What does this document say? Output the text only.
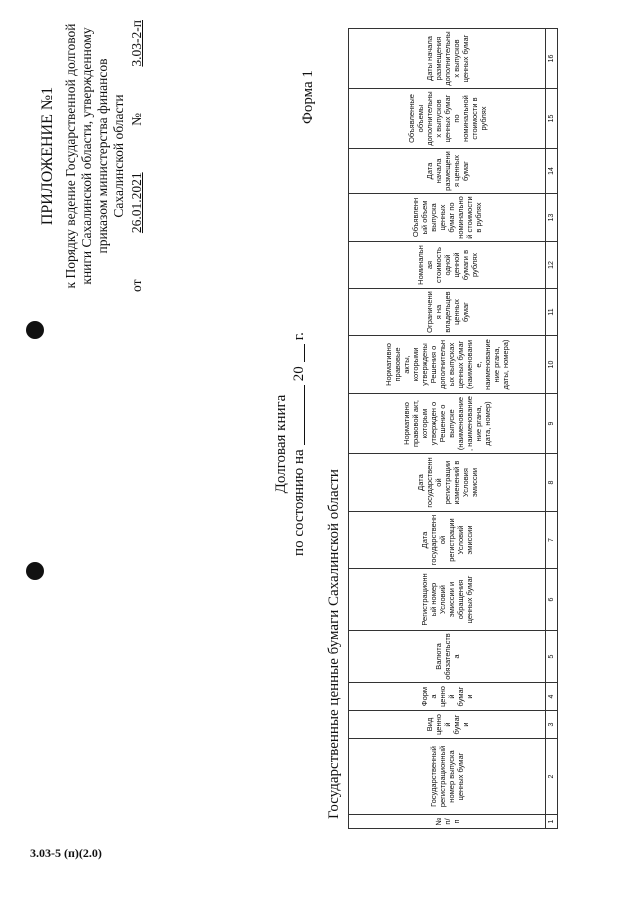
3.03-5 (п)(2.0)
ПРИЛОЖЕНИЕ №1 к Порядку ведение Государственной долговой книги Сахалинской области, утвержденному приказом министерства финансов Сахалинской области
от
26.01.2021
№
3.03-2-п
Форма 1
Долговая книга
по состоянию на
20
г.
Государственные ценные бумаги Сахалинской области
№ п/п	Государственный регистрационный номер выпуска ценных бумаг	Вид ценной бумаги	Форма ценной бумаги	Валюта обязательства	Регистрационный номер Условий эмиссии и обращения ценных бумаг	Дата государственной регистрации Условий эмиссии	Дата государственной регистрации изменений в Условия эмиссии	Нормативно правовой акт, которым утвержден о Решение о выпуске (наименование, наименование ние ргана, дата, номер)	Нормативно правовые акты, которыми утверждены Решения о дополнительных выпусках ценных бумаг (наименование, наименование ние ргана, даты, номера)	Ограничения на владельцев ценных бумаг	Номинальная стоимость одной ценной бумаги в рублях	Объявленный объем выпуска ценных бумаг по номинальной стоимости в рублях	Дата начала размещения ценных бумаг	Объявленные объемы дополнительных выпусков ценных бумаг по номинальной стоимости в рублях	Даты начала размещения дополнительных выпусков ценных бумаг
1	2	3	4	5	6	7	8	9	10	11	12	13	14	15	16
